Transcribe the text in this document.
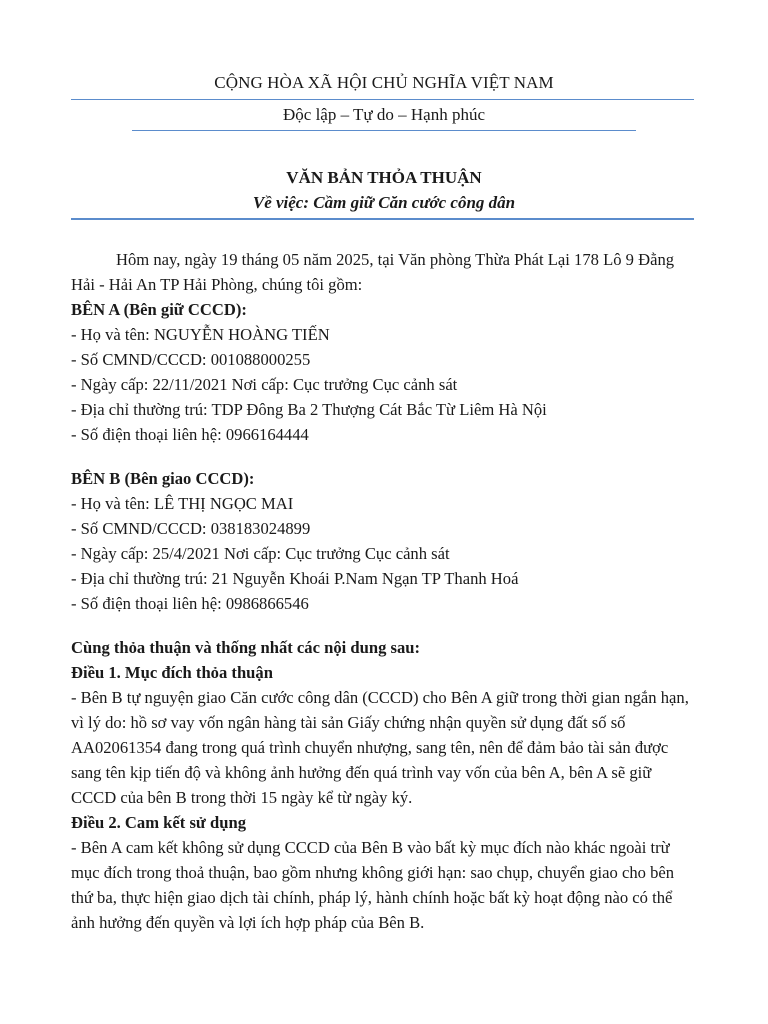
CỘNG HÒA XÃ HỘI CHỦ NGHĨA VIỆT NAM
Độc lập – Tự do – Hạnh phúc
VĂN BẢN THỎA THUẬN
Về việc: Cầm giữ Căn cước công dân

Hôm nay, ngày 19 tháng 05 năm 2025, tại Văn phòng Thừa Phát Lại 178 Lô 9 Đằng Hải - Hải An TP Hải Phòng, chúng tôi gồm:

BÊN A (Bên giữ CCCD):

- Họ và tên: NGUYỄN HOÀNG TIẾN

- Số CMND/CCCD: 001088000255

- Ngày cấp: 22/11/2021 Nơi cấp: Cục trưởng Cục cảnh sát

- Địa chỉ thường trú: TDP Đông Ba 2 Thượng Cát Bắc Từ Liêm Hà Nội

- Số điện thoại liên hệ: 0966164444

BÊN B (Bên giao CCCD):

- Họ và tên: LÊ THỊ NGỌC MAI

- Số CMND/CCCD: 038183024899

- Ngày cấp: 25/4/2021 Nơi cấp: Cục trưởng Cục cảnh sát

- Địa chỉ thường trú: 21 Nguyễn Khoái P.Nam Ngạn TP Thanh Hoá

- Số điện thoại liên hệ: 0986866546

Cùng thỏa thuận và thống nhất các nội dung sau:

Điều 1. Mục đích thỏa thuận

- Bên B tự nguyện giao Căn cước công dân (CCCD) cho Bên A giữ trong thời gian ngắn hạn, vì lý do: hồ sơ vay vốn ngân hàng tài sản Giấy chứng nhận quyền sử dụng đất số số AA02061354 đang trong quá trình chuyển nhượng, sang tên, nên để đảm bảo tài sản được sang tên kịp tiến độ và không ảnh hưởng đến quá trình vay vốn của bên A, bên A sẽ giữ CCCD của bên B trong thời 15 ngày kể từ ngày ký.

Điều 2. Cam kết sử dụng

- Bên A cam kết không sử dụng CCCD của Bên B vào bất kỳ mục đích nào khác ngoài trừ mục đích trong thoả thuận, bao gồm nhưng không giới hạn: sao chụp, chuyển giao cho bên thứ ba, thực hiện giao dịch tài chính, pháp lý, hành chính hoặc bất kỳ hoạt động nào có thể ảnh hưởng đến quyền và lợi ích hợp pháp của Bên B.
